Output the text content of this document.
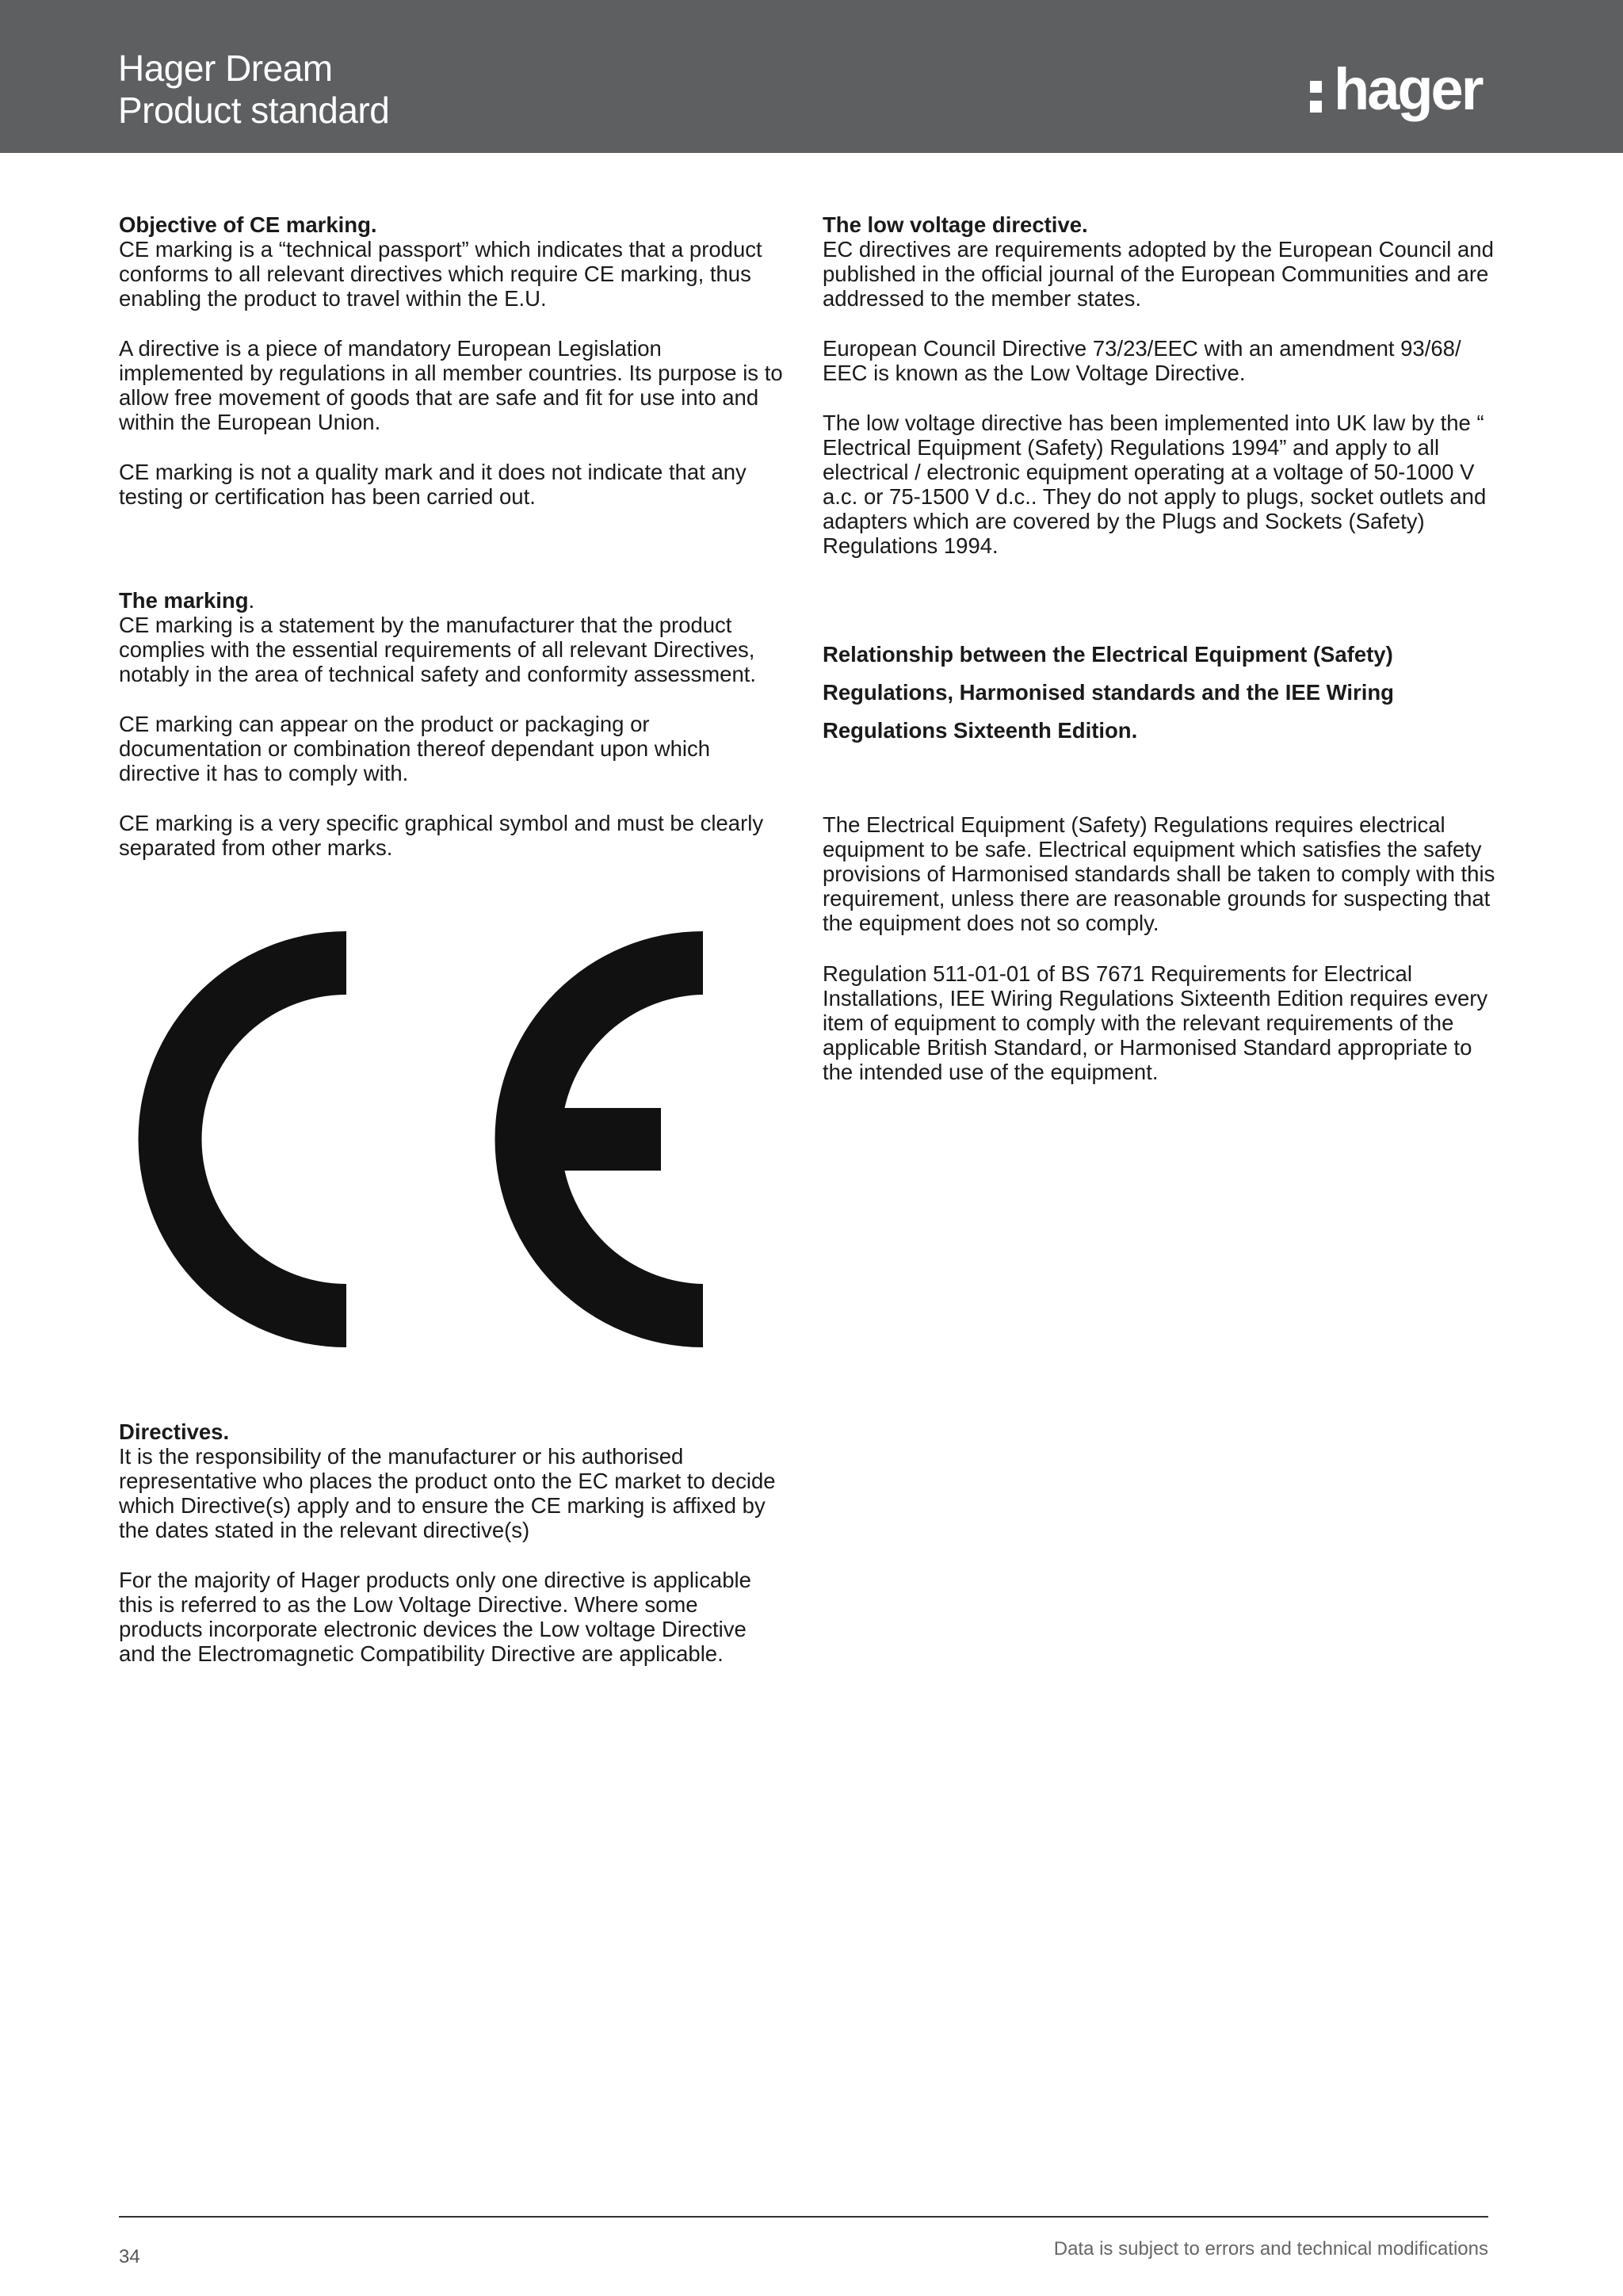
Hager Dream
Product standard	hager

Objective of CE marking.

CE marking is a “technical passport” which indicates that a product conforms to all relevant directives which require CE marking, thus enabling the product to travel within the E.U.

A directive is a piece of mandatory European Legislation implemented by regulations in all member countries. Its purpose is to allow free movement of goods that are safe and fit for use into and within the European Union.

CE marking is not a quality mark and it does not indicate that any testing or certification has been carried out.

The marking.

CE marking is a statement by the manufacturer that the product complies with the essential requirements of all relevant Directives, notably in the area of technical safety and conformity assessment.

CE marking can appear on the product or packaging or documentation or combination thereof dependant upon which directive it has to comply with.

CE marking is a very specific graphical symbol and must be clearly separated from other marks.

Directives.

It is the responsibility of the manufacturer or his authorised representative who places the product onto the EC market to decide which Directive(s) apply and to ensure the CE marking is affixed by the dates stated in the relevant directive(s)

For the majority of Hager products only one directive is applicable this is referred to as the Low Voltage Directive. Where some products incorporate electronic devices the Low voltage Directive and the Electromagnetic Compatibility Directive are applicable.

The low voltage directive.

EC directives are requirements adopted by the European Council and published in the official journal of the European Communities and are addressed to the member states.

European Council Directive 73/23/EEC with an amendment 93/68/ EEC is known as the Low Voltage Directive.

The low voltage directive has been implemented into UK law by the “ Electrical Equipment (Safety) Regulations 1994” and apply to all electrical / electronic equipment operating at a voltage of 50-1000 V a.c. or 75-1500 V d.c.. They do not apply to plugs, socket outlets and adapters which are covered by the Plugs and Sockets (Safety) Regulations 1994.

Relationship between the Electrical Equipment (Safety)

Regulations, Harmonised standards and the IEE Wiring

Regulations Sixteenth Edition.

The Electrical Equipment (Safety) Regulations requires electrical equipment to be safe. Electrical equipment which satisfies the safety provisions of Harmonised standards shall be taken to comply with this requirement, unless there are reasonable grounds for suspecting that the equipment does not so comply.

Regulation 511-01-01 of BS 7671 Requirements for Electrical Installations, IEE Wiring Regulations Sixteenth Edition requires every item of equipment to comply with the relevant requirements of the applicable British Standard, or Harmonised Standard appropriate to the intended use of the equipment.

34	Data is subject to errors and technical modifications
